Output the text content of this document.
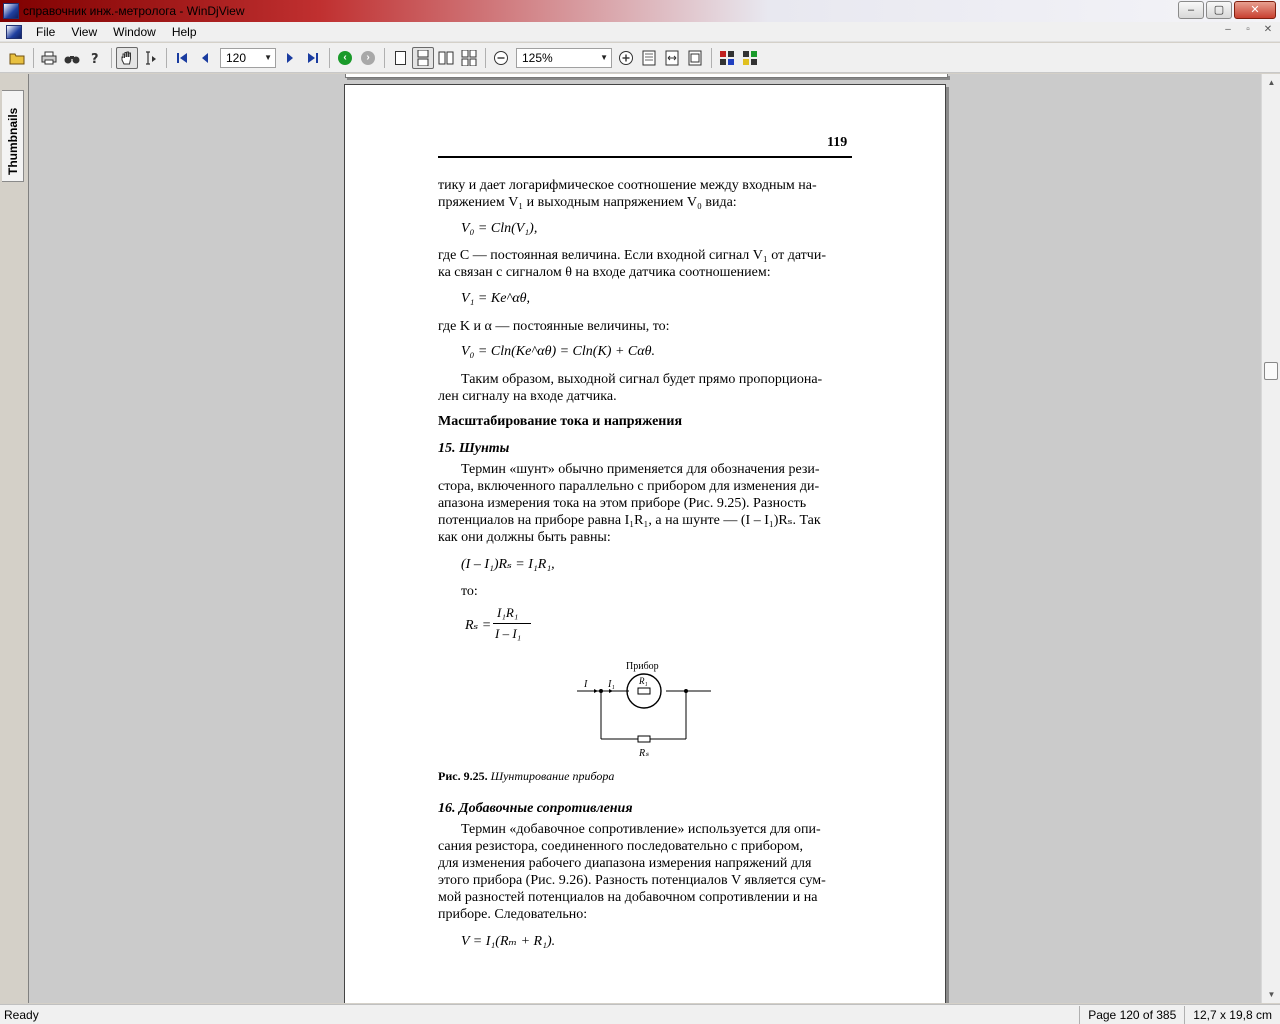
справочник инж.-метролога - WinDjView	–	▢	✕
File	View	Window	Help	–	▫	✕
?	120 ▼	‹	›	125%	▼
Thumbnails	119
тику и дает логарифмическое соотношение между входным на-
пряжением V₁ и выходным напряжением V₀ вида:
V₀ = Cln(V₁),
где C — постоянная величина. Если входной сигнал V₁ от датчи-
ка связан с сигналом θ на входе датчика соотношением:
V₁ = Ke^αθ,
где K и α — постоянные величины, то:
V₀ = Cln(Ke^αθ) = Cln(K) + Cαθ.
Таким образом, выходной сигнал будет прямо пропорциона-
лен сигналу на входе датчика.
Масштабирование тока и напряжения
15. Шунты
Термин «шунт» обычно применяется для обозначения рези-
стора, включенного параллельно с прибором для изменения ди-
апазона измерения тока на этом приборе (Рис. 9.25). Разность
потенциалов на приборе равна I₁R₁, а на шунте — (I – I₁)Rₛ. Так
как они должны быть равны:
(I – I₁)Rₛ = I₁R₁,
то:
Rₛ =
I₁R₁
I – I₁
Прибор
R₁
I I₁
Rₛ
Рис. 9.25. Шунтирование прибора
16. Добавочные сопротивления
Термин «добавочное сопротивление» используется для опи-
сания резистора, соединенного последовательно с прибором,
для изменения рабочего диапазона измерения напряжений для
этого прибора (Рис. 9.26). Разность потенциалов V является сум-
мой разностей потенциалов на добавочном сопротивлении и на
приборе. Следовательно:
V = I₁(Rₘ + R₁).
▲
▼
Ready	Page 120 of 385	12,7 x 19,8 cm
